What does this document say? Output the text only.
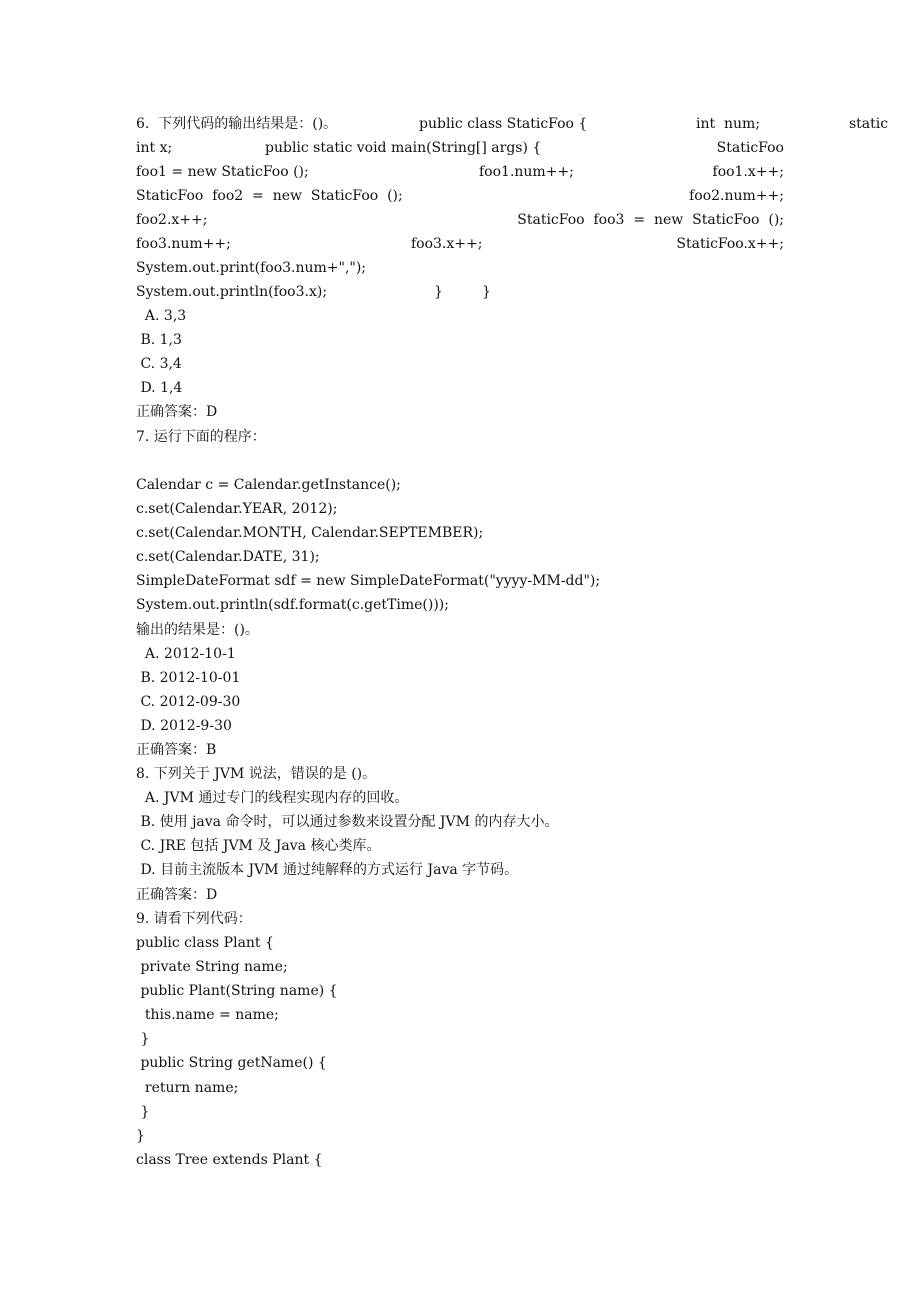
6.  下列代码的输出结果是：()。

	public class StaticFoo {

	int  num;

	static

int x;

	public static void main(String[] args) {

	StaticFoo

foo1 = new StaticFoo ();

	foo1.num++;

	foo1.x++;

StaticFoo  foo2  =  new  StaticFoo  ();

	foo2.num++;

foo2.x++;

	StaticFoo  foo3  =  new  StaticFoo  ();

foo3.num++;

	foo3.x++;

	StaticFoo.x++;

System.out.print(foo3.num+",");

System.out.println(foo3.x);

	}

	}

A. 3,3
B. 1,3
C. 3,4
D. 1,4
正确答案：D
7. 运行下面的程序：
Calendar c = Calendar.getInstance();
c.set(Calendar.YEAR, 2012);
c.set(Calendar.MONTH, Calendar.SEPTEMBER);
c.set(Calendar.DATE, 31);
SimpleDateFormat sdf = new SimpleDateFormat("yyyy-MM-dd");
System.out.println(sdf.format(c.getTime()));
输出的结果是：()。
A. 2012-10-1
B. 2012-10-01
C. 2012-09-30
D. 2012-9-30
正确答案：B
8. 下列关于 JVM 说法，错误的是 ()。
A. JVM 通过专门的线程实现内存的回收。
B. 使用 java 命令时，可以通过参数来设置分配 JVM 的内存大小。
C. JRE 包括 JVM 及 Java 核心类库。
D. 目前主流版本 JVM 通过纯解释的方式运行 Java 字节码。
正确答案：D
9. 请看下列代码：
public class Plant {
private String name;
public Plant(String name) {
this.name = name;
}
public String getName() {
return name;
}
}
class Tree extends Plant {
